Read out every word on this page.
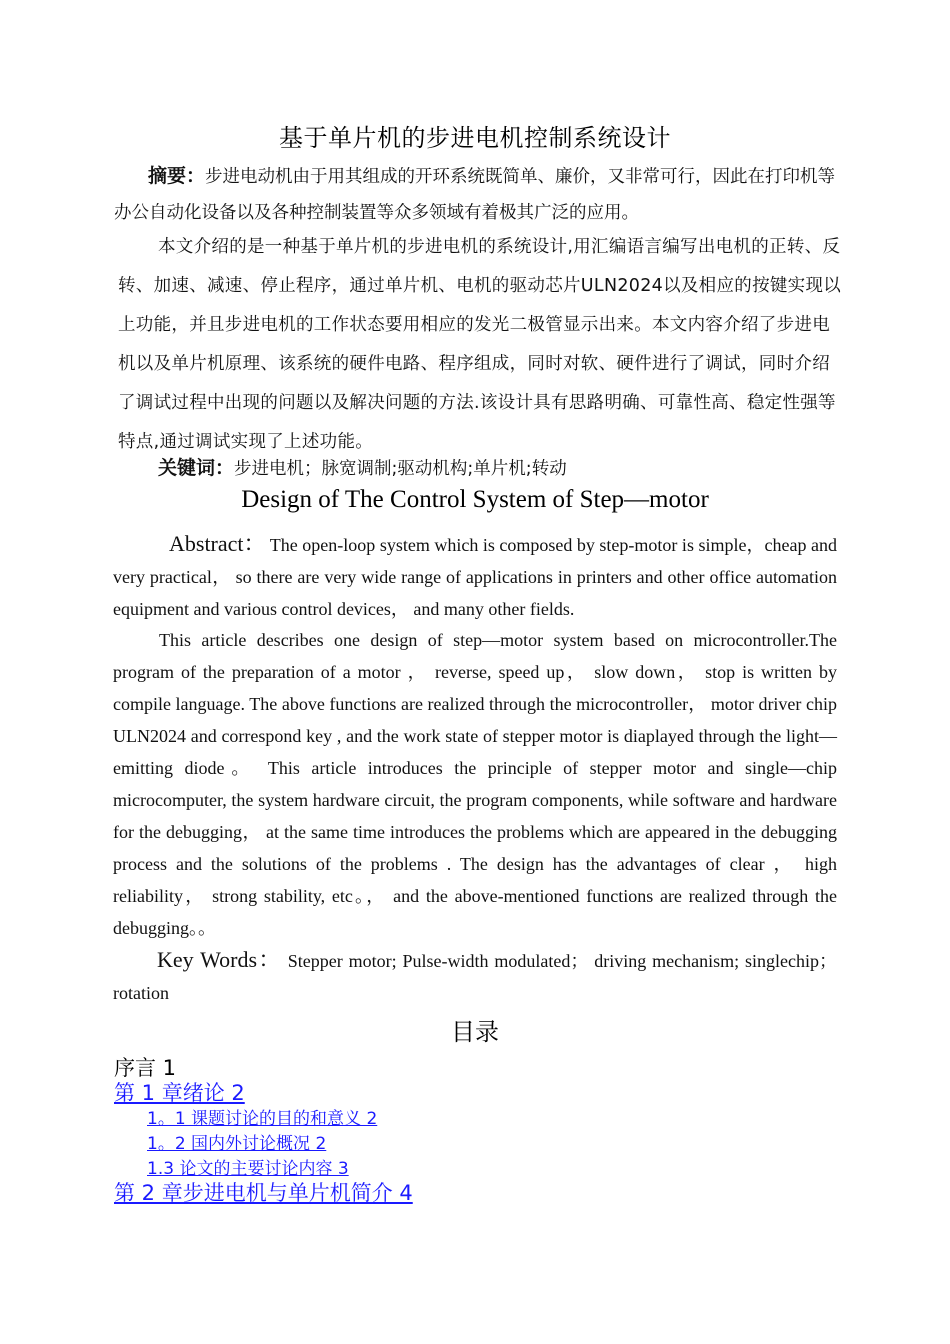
基于单片机的步进电机控制系统设计
摘要：步进电动机由于用其组成的开环系统既简单、廉价，又非常可行，因此在打印机等办公自动化设备以及各种控制装置等众多领域有着极其广泛的应用。
本文介绍的是一种基于单片机的步进电机的系统设计,用汇编语言编写出电机的正转、反转、加速、减速、停止程序，通过单片机、电机的驱动芯片ULN2024以及相应的按键实现以上功能，并且步进电机的工作状态要用相应的发光二极管显示出来。本文内容介绍了步进电机以及单片机原理、该系统的硬件电路、程序组成，同时对软、硬件进行了调试，同时介绍了调试过程中出现的问题以及解决问题的方法.该设计具有思路明确、可靠性高、稳定性强等特点,通过调试实现了上述功能。
关键词：步进电机；脉宽调制;驱动机构;单片机;转动
Design of The Control System of Step—motor
Abstract： The open-loop system which is composed by step-motor is simple，cheap and very practical， so there are very wide range of applications in printers and other office automation equipment and various control devices， and many other fields.
This article describes one design of step—motor system based on microcontroller.The program of the preparation of a motor ， reverse, speed up， slow down， stop is written by compile language. The above functions are realized through the microcontroller， motor driver chip ULN2024 and correspond key , and the work state of stepper motor is diaplayed through the light—emitting diode。 This article introduces the principle of stepper motor and single—chip microcomputer, the system hardware circuit, the program components, while software and hardware for the debugging， at the same time introduces the problems which are appeared in the debugging process and the solutions of the problems . The design has the advantages of clear ， high reliability， strong stability, etc。， and the above-mentioned functions are realized through the debugging。。
Key Words： Stepper motor; Pulse-width modulated； driving mechanism; singlechip； rotation
目录
序言 1
第 1 章绪论 2
1。1 课题讨论的目的和意义 2
1。2 国内外讨论概况 2
1.3 论文的主要讨论内容 3
第 2 章步进电机与单片机简介 4
